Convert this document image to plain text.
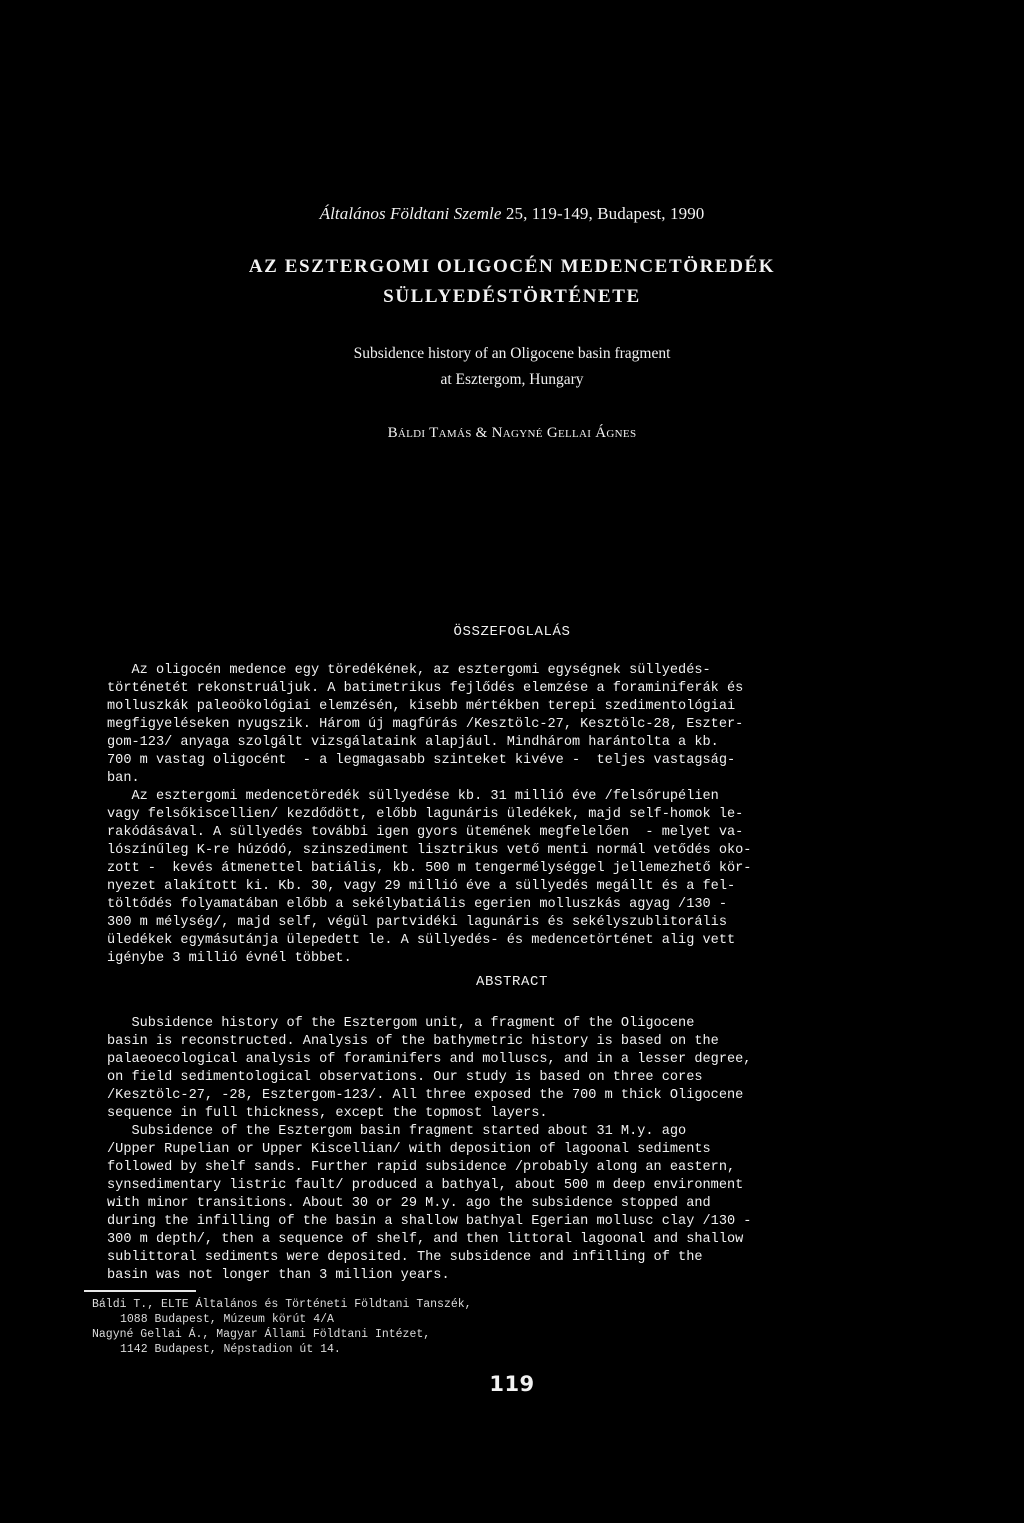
Általános Földtani Szemle 25, 119-149, Budapest, 1990
AZ ESZTERGOMI OLIGOCÉN MEDENCETÖREDÉK
SÜLLYEDÉSTÖRTÉNETE
Subsidence history of an Oligocene basin fragment
at Esztergom, Hungary
Báldi Tamás & Nagyné Gellai Ágnes
ÖSSZEFOGLALÁS
Az oligocén medence egy töredékének, az esztergomi egységnek süllyedés-
történetét rekonstruáljuk. A batimetrikus fejlődés elemzése a foraminiferák és
molluszkák paleoökológiai elemzésén, kisebb mértékben terepi szedimentológiai
megfigyeléseken nyugszik. Három új magfúrás /Kesztölc-27, Kesztölc-28, Eszter-
gom-123/ anyaga szolgált vizsgálataink alapjául. Mindhárom harántolta a kb.
700 m vastag oligocént  - a legmagasabb szinteket kivéve -  teljes vastagság-
ban.
Az esztergomi medencetöredék süllyedése kb. 31 millió éve /felsőrupélien
vagy felsőkiscellien/ kezdődött, előbb lagunáris üledékek, majd self-homok le-
rakódásával. A süllyedés további igen gyors ütemének megfelelően  - melyet va-
lószínűleg K-re húzódó, szinszediment lisztrikus vető menti normál vetődés oko-
zott -  kevés átmenettel batiális, kb. 500 m tengermélységgel jellemezhető kör-
nyezet alakított ki. Kb. 30, vagy 29 millió éve a süllyedés megállt és a fel-
töltődés folyamatában előbb a sekélybatiális egerien molluszkás agyag /130 -
300 m mélység/, majd self, végül partvidéki lagunáris és sekélyszublitorális
üledékek egymásutánja ülepedett le. A süllyedés- és medencetörténet alig vett
igénybe 3 millió évnél többet.
ABSTRACT
Subsidence history of the Esztergom unit, a fragment of the Oligocene
basin is reconstructed. Analysis of the bathymetric history is based on the
palaeoecological analysis of foraminifers and molluscs, and in a lesser degree,
on field sedimentological observations. Our study is based on three cores
/Kesztölc-27, -28, Esztergom-123/. All three exposed the 700 m thick Oligocene
sequence in full thickness, except the topmost layers.
Subsidence of the Esztergom basin fragment started about 31 M.y. ago
/Upper Rupelian or Upper Kiscellian/ with deposition of lagoonal sediments
followed by shelf sands. Further rapid subsidence /probably along an eastern,
synsedimentary listric fault/ produced a bathyal, about 500 m deep environment
with minor transitions. About 30 or 29 M.y. ago the subsidence stopped and
during the infilling of the basin a shallow bathyal Egerian mollusc clay /130 -
300 m depth/, then a sequence of shelf, and then littoral lagoonal and shallow
sublittoral sediments were deposited. The subsidence and infilling of the
basin was not longer than 3 million years.
Báldi T., ELTE Általános és Történeti Földtani Tanszék,
1088 Budapest, Múzeum körút 4/A
Nagyné Gellai Á., Magyar Állami Földtani Intézet,
1142 Budapest, Népstadion út 14.
119
